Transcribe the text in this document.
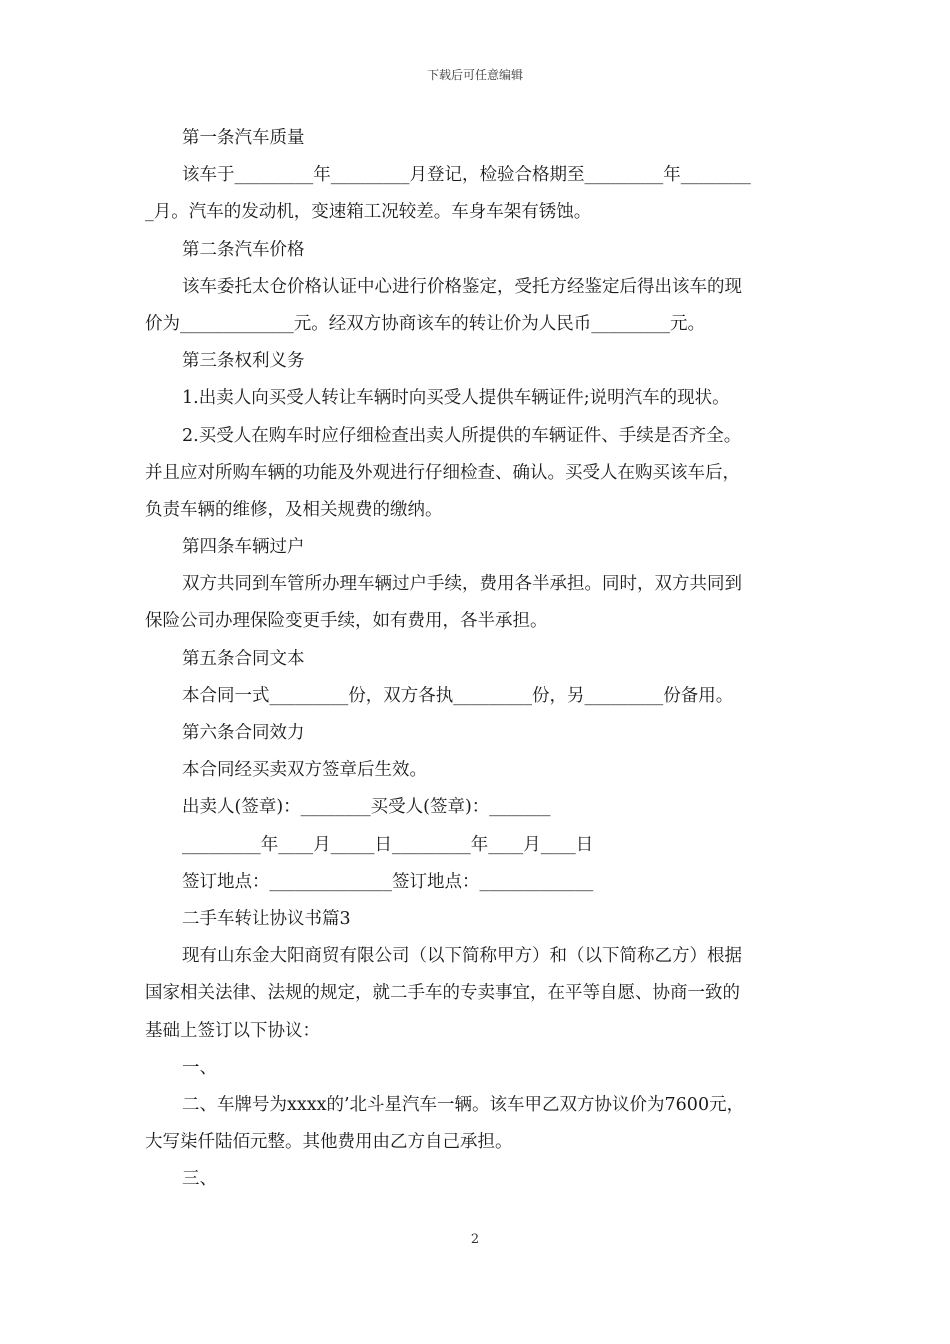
下载后可任意编辑
第一条汽车质量
该车于_________年_________月登记，检验合格期至_________年________
_月。汽车的发动机，变速箱工况较差。车身车架有锈蚀。
第二条汽车价格
该车委托太仓价格认证中心进行价格鉴定，受托方经鉴定后得出该车的现
价为_____________元。经双方协商该车的转让价为人民币_________元。
第三条权利义务
1.出卖人向买受人转让车辆时向买受人提供车辆证件;说明汽车的现状。
2.买受人在购车时应仔细检查出卖人所提供的车辆证件、手续是否齐全。
并且应对所购车辆的功能及外观进行仔细检查、确认。买受人在购买该车后，
负责车辆的维修，及相关规费的缴纳。
第四条车辆过户
双方共同到车管所办理车辆过户手续，费用各半承担。同时，双方共同到
保险公司办理保险变更手续，如有费用，各半承担。
第五条合同文本
本合同一式_________份，双方各执_________份，另_________份备用。
第六条合同效力
本合同经买卖双方签章后生效。
出卖人(签章)：________买受人(签章)：_______
_________年____月_____日_________年____月____日
签订地点：______________签订地点：_____________
二手车转让协议书篇3
现有山东金大阳商贸有限公司（以下简称甲方）和（以下简称乙方）根据
国家相关法律、法规的规定，就二手车的专卖事宜，在平等自愿、协商一致的
基础上签订以下协议：
一、
二、车牌号为xxxx的’北斗星汽车一辆。该车甲乙双方协议价为7600元，
大写柒仟陆佰元整。其他费用由乙方自己承担。
三、
2
